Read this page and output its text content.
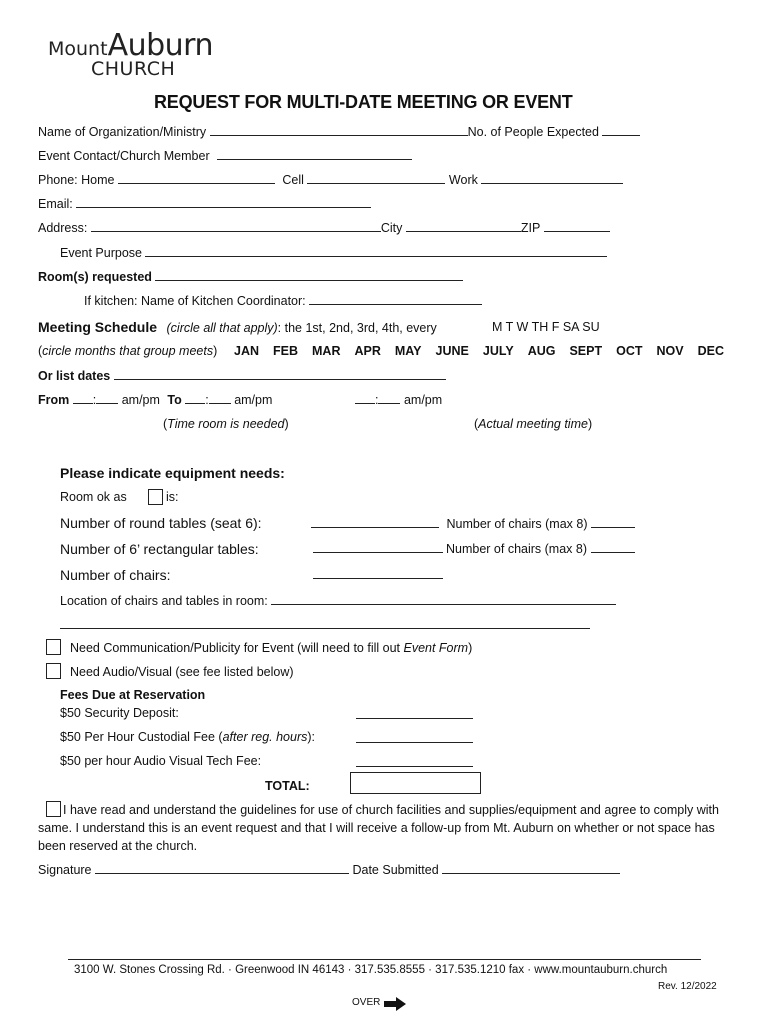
MountAuburn
CHURCH
REQUEST FOR MULTI-DATE MEETING OR EVENT
Name of Organization/Ministry	No. of People Expected
Event Contact/Church Member
Phone: Home	Cell	Work
Email:
Address:	City	ZIP
Event Purpose
Room(s) requested
If kitchen: Name of Kitchen Coordinator:
Meeting Schedule (circle all that apply): the 1st, 2nd, 3rd, 4th, every	M T W TH F SA SU
(circle months that group meets) JAN FEB MAR APR MAY JUNE JULY AUG SEPT OCT NOV DEC
Or list dates
From : am/pm To : am/pm	: am/pm
(Time room is needed)	(Actual meeting time)
Please indicate equipment needs:
Room ok as	is:
Number of round tables (seat 6):	Number of chairs (max 8)
Number of 6’ rectangular tables:	Number of chairs (max 8)
Number of chairs:
Location of chairs and tables in room:
Need Communication/Publicity for Event (will need to fill out Event Form)
Need Audio/Visual (see fee listed below)
Fees Due at Reservation
$50 Security Deposit:
$50 Per Hour Custodial Fee (after reg. hours):
$50 per hour Audio Visual Tech Fee:
TOTAL:
I have read and understand the guidelines for use of church facilities and supplies/equipment and agree to comply with
same. I understand this is an event request and that I will receive a follow-up from Mt. Auburn on whether or not space has
been reserved at the church.
Signature	Date Submitted
3100 W. Stones Crossing Rd. · Greenwood IN 46143 · 317.535.8555 · 317.535.1210 fax · www.mountauburn.church
Rev. 12/2022
OVER
